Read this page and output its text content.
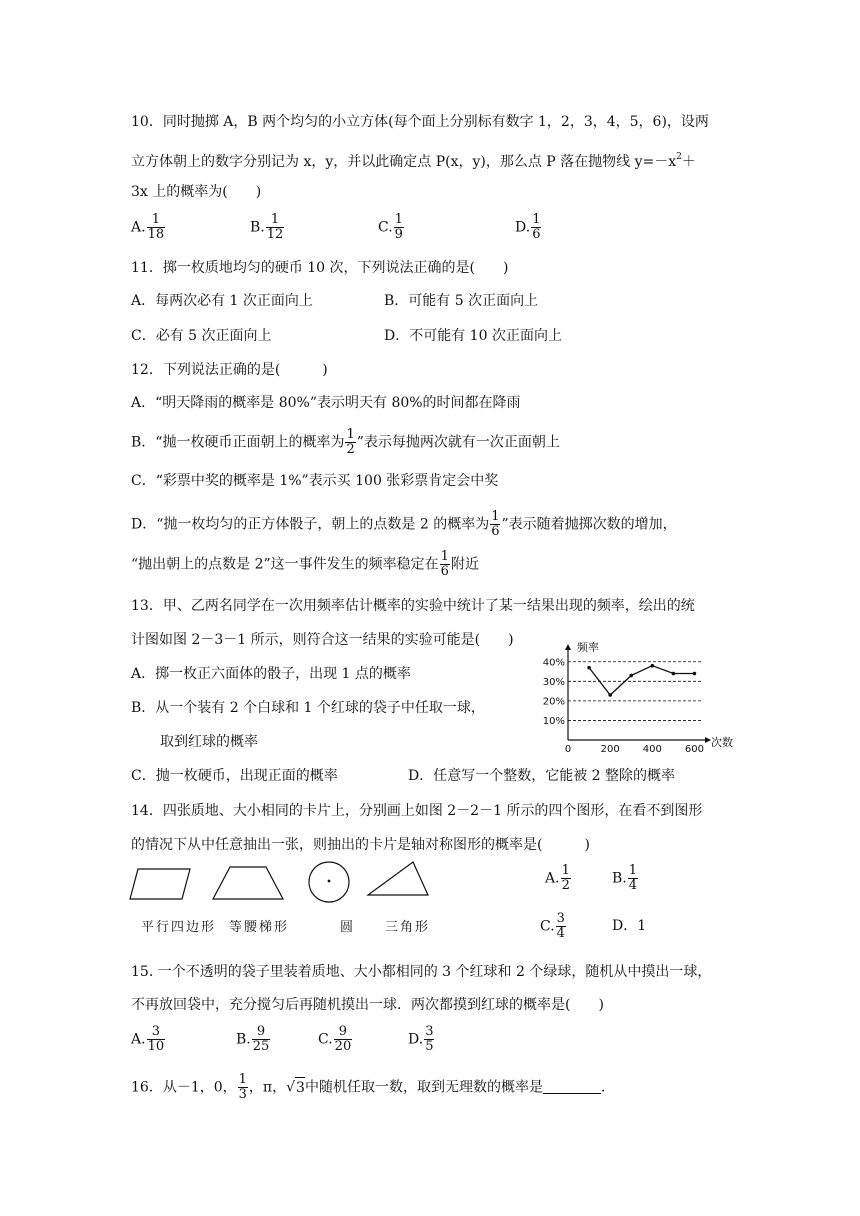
10．同时抛掷 A，B 两个均匀的小立方体(每个面上分别标有数字 1，2，3，4，5，6)，设两
立方体朝上的数字分别记为 x，y，并以此确定点 P(x，y)，那么点 P 落在抛物线 $y=-x^2+$
3x 上的概率为(　　)
A. $\frac{1}{18}$	B. $\frac{1}{12}$	C. $\frac{1}{9}$	D. $\frac{1}{6}$
11．掷一枚质地均匀的硬币 10 次，下列说法正确的是(　　)
A．每两次必有 1 次正面向上	B．可能有 5 次正面向上
C．必有 5 次正面向上	D．不可能有 10 次正面向上
12．下列说法正确的是(　　　)
A．“明天降雨的概率是 80%”表示明天有 80%的时间都在降雨
B．“抛一枚硬币正面朝上的概率为 $\frac{1}{2}$ ”表示每抛两次就有一次正面朝上
C．“彩票中奖的概率是 1%”表示买 100 张彩票肯定会中奖
D．“抛一枚均匀的正方体骰子，朝上的点数是 2 的概率为 $\frac{1}{6}$ ”表示随着抛掷次数的增加，
“抛出朝上的点数是 2”这一事件发生的频率稳定在 $\frac{1}{6}$ 附近
13．甲、乙两名同学在一次用频率估计概率的实验中统计了某一结果出现的频率，绘出的统
计图如图 2－3－1 所示，则符合这一结果的实验可能是(　　)
A．掷一枚正六面体的骰子，出现 1 点的概率
B．从一个装有 2 个白球和 1 个红球的袋子中任取一球，
取到红球的概率
C．抛一枚硬币，出现正面的概率	D．任意写一个整数，它能被 2 整除的概率
40%
30%
20%
10%
0	200 400 600
频率
次数
14．四张质地、大小相同的卡片上，分别画上如图 2－2－1 所示的四个图形，在看不到图形
的情况下从中任意抽出一张，则抽出的卡片是轴对称图形的概率是(　　　)
平行四边形 等腰梯形	圆 三角形
A. $\frac{1}{2}$	B. $\frac{1}{4}$
C. $\frac{3}{4}$	D．1
15. 一个不透明的袋子里装着质地、大小都相同的 3 个红球和 2 个绿球，随机从中摸出一球，
不再放回袋中，充分搅匀后再随机摸出一球．两次都摸到红球的概率是(　　)
A. $\frac{3}{10}$	B. $\frac{9}{25}$	C. $\frac{9}{20}$	D. $\frac{3}{5}$
16．从－1，0， $\frac{1}{3}$ ，π，√3中随机任取一数，取到无理数的概率是	.
